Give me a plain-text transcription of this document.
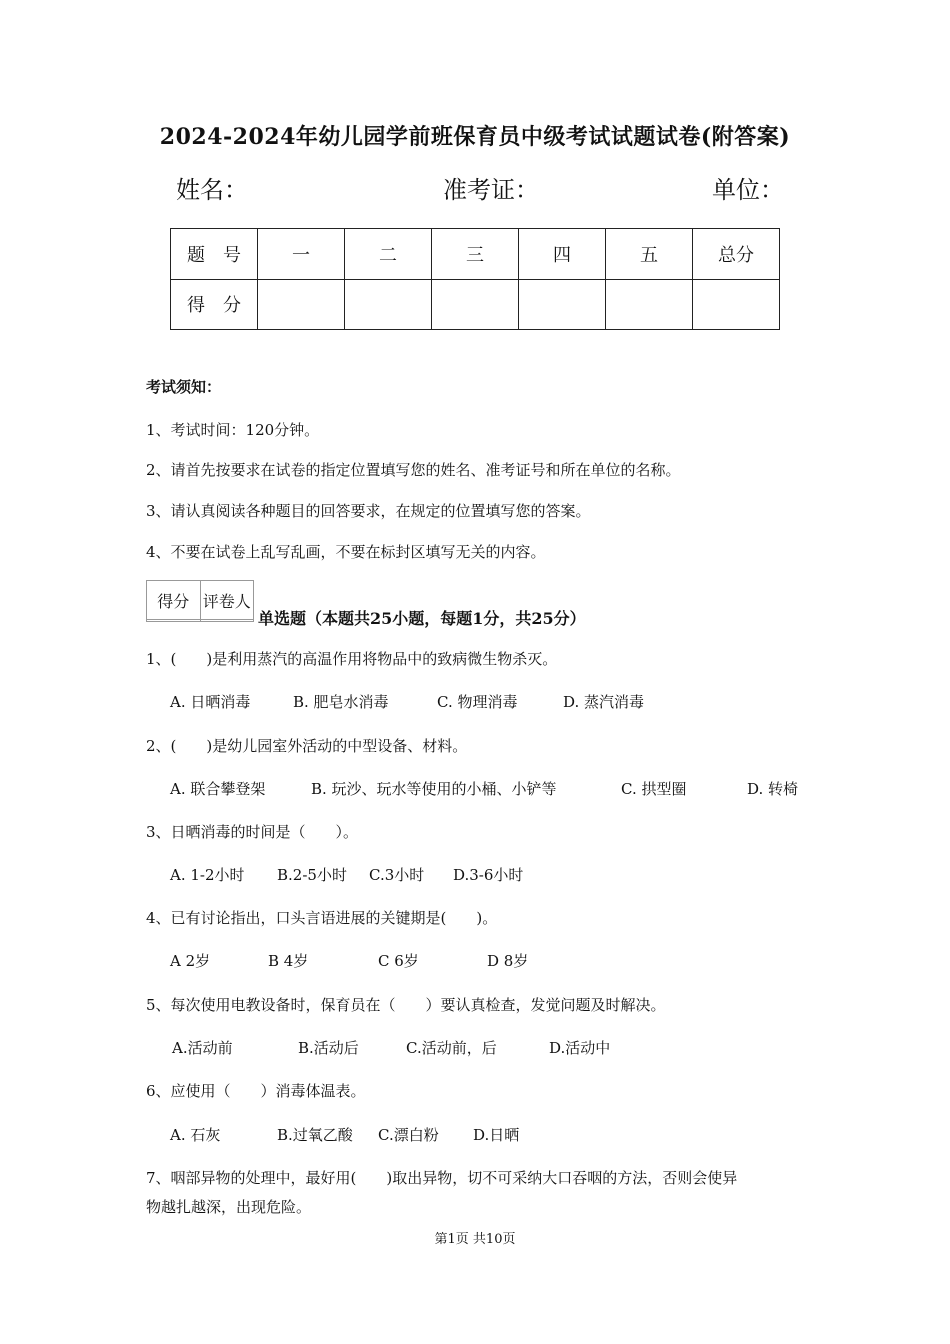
2024-2024年幼儿园学前班保育员中级考试试题试卷(附答案)
姓名：	准考证：	单位：
题　号	一	二	三	四	五	总分
得　分						
考试须知：
1、考试时间：120分钟。
2、请首先按要求在试卷的指定位置填写您的姓名、准考证号和所在单位的名称。
3、请认真阅读各种题目的回答要求，在规定的位置填写您的答案。
4、不要在试卷上乱写乱画，不要在标封区填写无关的内容。
得分	评卷人

单选题（本题共25小题，每题1分，共25分）
1、(　　)是利用蒸汽的高温作用将物品中的致病微生物杀灭。
A. 日晒消毒	B. 肥皂水消毒	C. 物理消毒	D. 蒸汽消毒
2、(　　)是幼儿园室外活动的中型设备、材料。
A. 联合攀登架	B. 玩沙、玩水等使用的小桶、小铲等	C. 拱型圈	D. 转椅
3、日晒消毒的时间是（　　）。
A. 1-2小时 B.2-5小时 C.3小时 D.3-6小时
4、已有讨论指出，口头言语进展的关键期是(　　)。
A 2岁	B 4岁	C 6岁	D 8岁
5、每次使用电教设备时，保育员在（　　）要认真检查，发觉问题及时解决。
A.活动前	B.活动后	C.活动前，后	D.活动中
6、应使用（　　）消毒体温表。
A. 石灰	B.过氧乙酸 C.漂白粉 D.日晒
7、咽部异物的处理中，最好用(　　)取出异物，切不可采纳大口吞咽的方法，否则会使异
物越扎越深，出现危险。
第1页 共10页
